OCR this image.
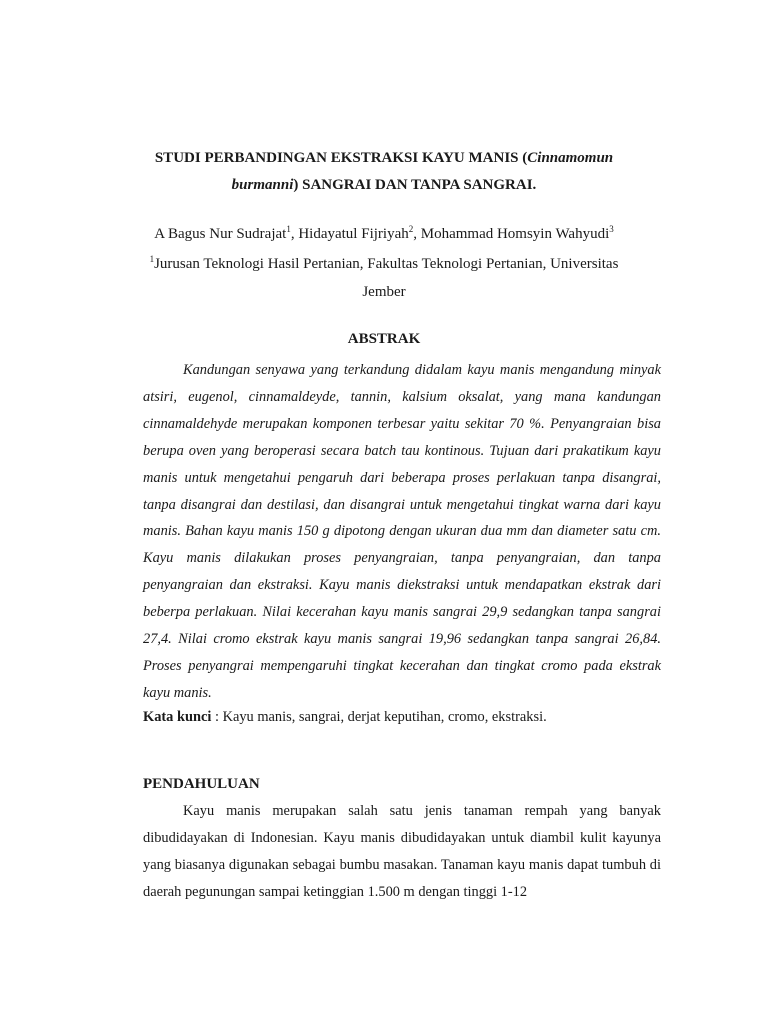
STUDI PERBANDINGAN EKSTRAKSI KAYU MANIS (Cinnamomun
burmanni) SANGRAI DAN TANPA SANGRAI.
A Bagus Nur Sudrajat$^1$, Hidayatul Fijriyah$^2$, Mohammad Homsyin Wahyudi$^3$
$^1$Jurusan Teknologi Hasil Pertanian, Fakultas Teknologi Pertanian, Universitas Jember
ABSTRAK

Kandungan senyawa yang terkandung didalam kayu manis mengandung minyak atsiri, eugenol, cinnamaldeyde, tannin, kalsium oksalat, yang mana kandungan cinnamaldehyde merupakan komponen terbesar yaitu sekitar 70 %. Penyangraian bisa berupa oven yang beroperasi secara batch tau kontinous. Tujuan dari prakatikum kayu manis untuk mengetahui pengaruh dari beberapa proses perlakuan tanpa disangrai, tanpa disangrai dan destilasi, dan disangrai untuk mengetahui tingkat warna dari kayu manis. Bahan kayu manis 150 g dipotong dengan ukuran dua mm dan diameter satu cm. Kayu manis dilakukan proses penyangraian, tanpa penyangraian, dan tanpa penyangraian dan ekstraksi. Kayu manis diekstraksi untuk mendapatkan ekstrak dari beberpa perlakuan. Nilai kecerahan kayu manis sangrai 29,9 sedangkan tanpa sangrai 27,4. Nilai cromo ekstrak kayu manis sangrai 19,96 sedangkan tanpa sangrai 26,84. Proses penyangrai mempengaruhi tingkat kecerahan dan tingkat cromo pada ekstrak kayu manis.

Kata kunci : Kayu manis, sangrai, derjat keputihan, cromo, ekstraksi.
PENDAHULUAN

Kayu manis merupakan salah satu jenis tanaman rempah yang banyak dibudidayakan di Indonesian. Kayu manis dibudidayakan untuk diambil kulit kayunya yang biasanya digunakan sebagai bumbu masakan. Tanaman kayu manis dapat tumbuh di daerah pegunungan sampai ketinggian 1.500 m dengan tinggi 1-12
